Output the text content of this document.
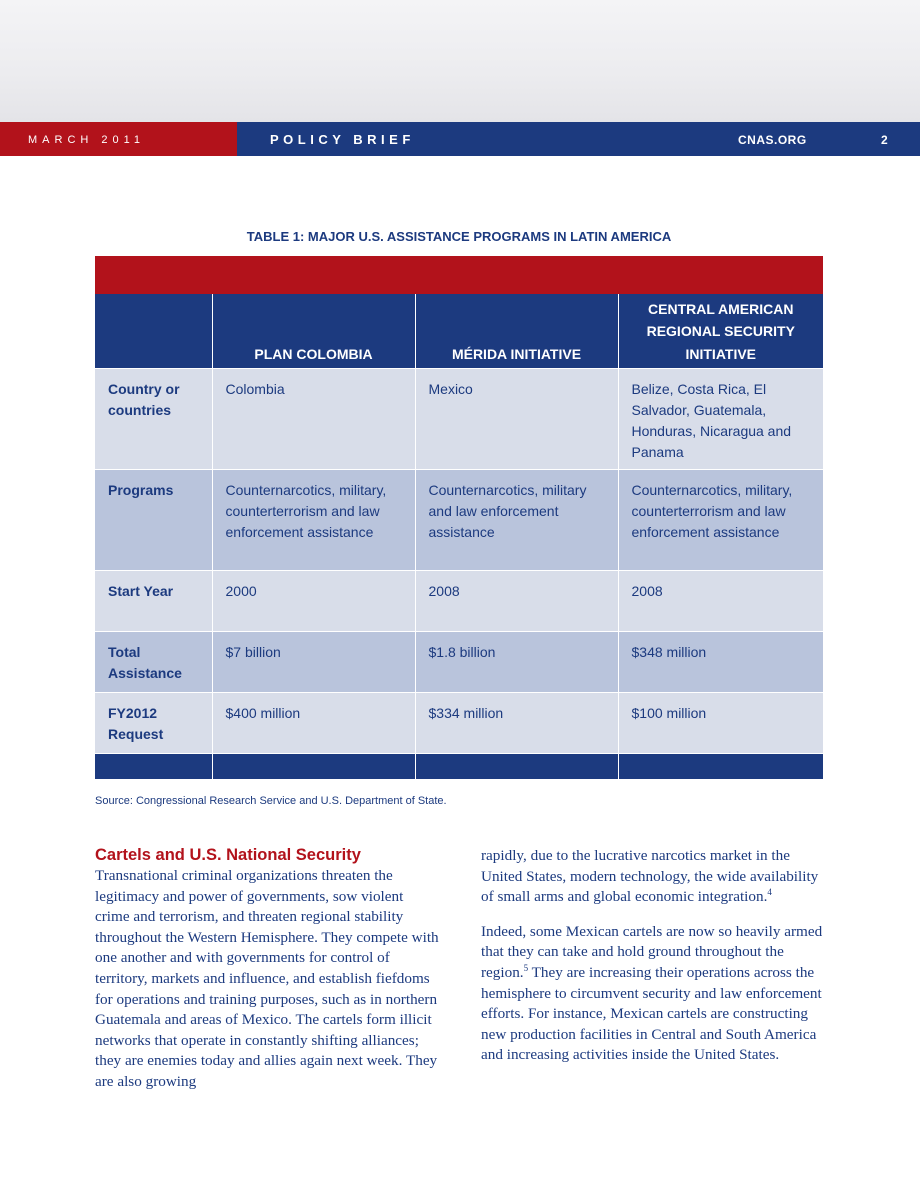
MARCH 2011	POLICY BRIEF	CNAS.ORG	2
TABLE 1: MAJOR U.S. ASSISTANCE PROGRAMS IN LATIN AMERICA
	PLAN COLOMBIA	MÉRIDA INITIATIVE	CENTRAL AMERICAN REGIONAL SECURITY INITIATIVE
Country or countries	Colombia	Mexico	Belize, Costa Rica, El Salvador, Guatemala, Honduras, Nicaragua and Panama
Programs	Counternarcotics, military, counterterrorism and law enforcement assistance	Counternarcotics, military and law enforcement assistance	Counternarcotics, military, counterterrorism and law enforcement assistance
Start Year	2000	2008	2008
Total Assistance	$7 billion	$1.8 billion	$348 million
FY2012 Request	$400 million	$334 million	$100 million

Source: Congressional Research Service and U.S. Department of State.
Cartels and U.S. National Security

Transnational criminal organizations threaten the legitimacy and power of governments, sow violent crime and terrorism, and threaten regional stability throughout the Western Hemisphere. They compete with one another and with governments for control of territory, markets and influence, and establish fiefdoms for operations and training purposes, such as in northern Guatemala and areas of Mexico. The cartels form illicit networks that operate in constantly shifting alliances; they are enemies today and allies again next week. They are also growing

rapidly, due to the lucrative narcotics market in the United States, modern technology, the wide availability of small arms and global economic integration.$^4$

Indeed, some Mexican cartels are now so heavily armed that they can take and hold ground throughout the region.$^5$ They are increasing their operations across the hemisphere to circumvent security and law enforcement efforts. For instance, Mexican cartels are constructing new production facilities in Central and South America and increasing activities inside the United States.
